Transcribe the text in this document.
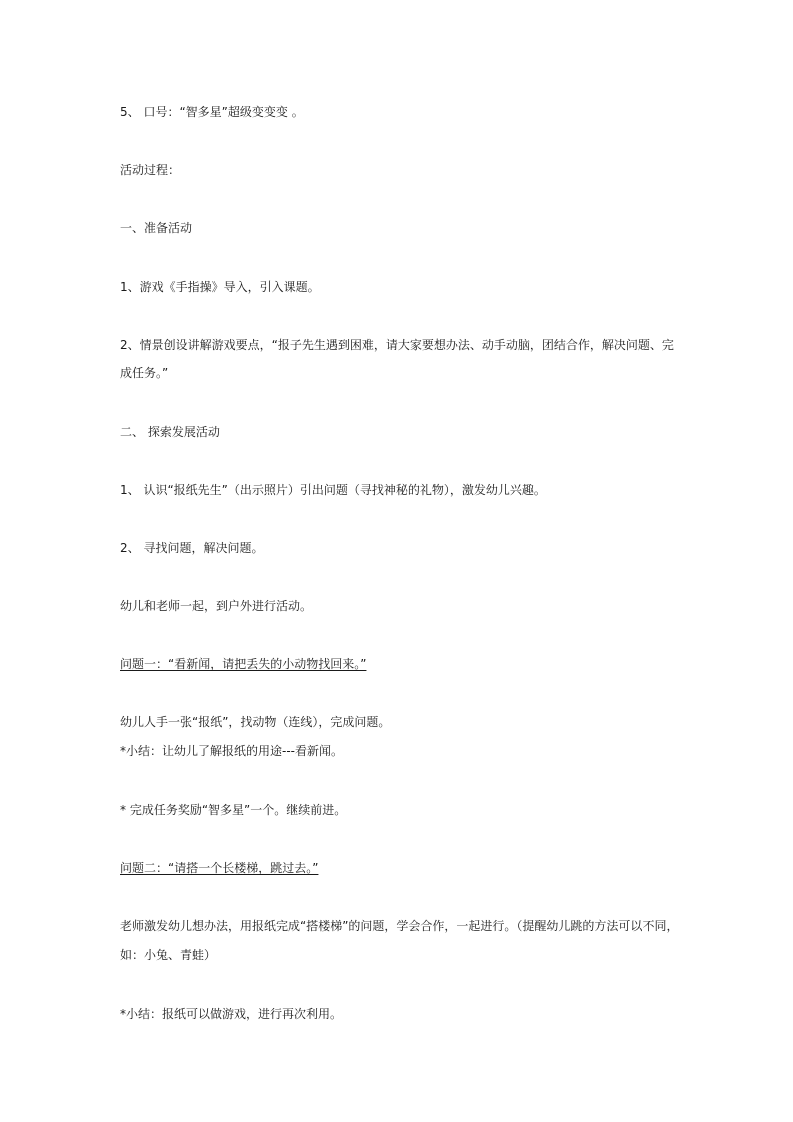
5、 口号：“智多星”超级变变变 。

活动过程：

一、准备活动

1、游戏《手指操》导入，引入课题。

2、情景创设讲解游戏要点，“报子先生遇到困难，请大家要想办法、动手动脑，团结合作，解决问题、完

成任务。”

二、 探索发展活动

1、 认识“报纸先生”（出示照片）引出问题（寻找神秘的礼物），激发幼儿兴趣。

2、 寻找问题，解决问题。

幼儿和老师一起，到户外进行活动。

问题一：“看新闻，请把丢失的小动物找回来。”

幼儿人手一张“报纸”，找动物（连线），完成问题。

*小结：让幼儿了解报纸的用途---看新闻。

* 完成任务奖励“智多星”一个。继续前进。

问题二：“请搭一个长楼梯，跳过去。”

老师激发幼儿想办法，用报纸完成“搭楼梯”的问题，学会合作，一起进行。（提醒幼儿跳的方法可以不同，

如：小兔、青蛙）

*小结：报纸可以做游戏，进行再次利用。
